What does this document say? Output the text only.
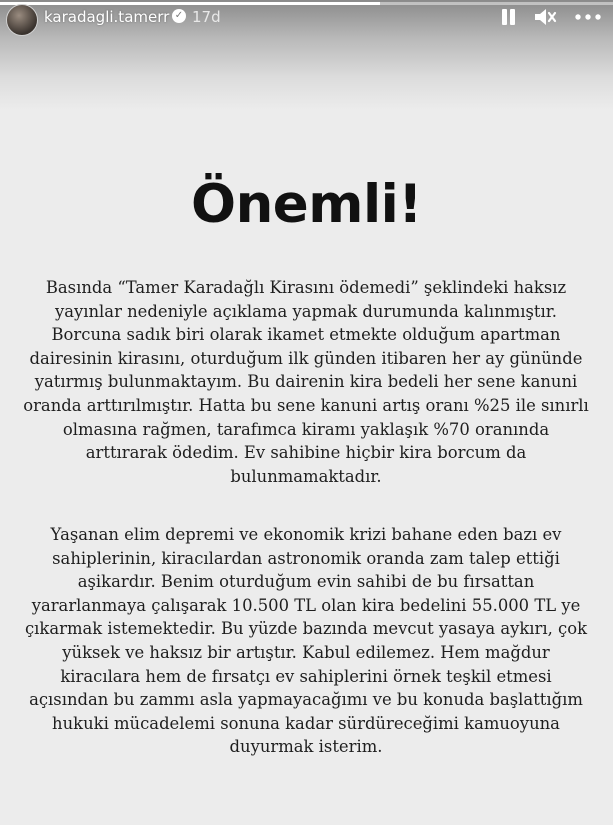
karadagli.tamerr ✓ 17d
Önemli!
Basında “Tamer Karadağlı Kirasını ödemedi” şeklindeki haksız
yayınlar nedeniyle açıklama yapmak durumunda kalınmıştır.
Borcuna sadık biri olarak ikamet etmekte olduğum apartman
dairesinin kirasını, oturduğum ilk günden itibaren her ay gününde
yatırmış bulunmaktayım. Bu dairenin kira bedeli her sene kanuni
oranda arttırılmıştır. Hatta bu sene kanuni artış oranı %25 ile sınırlı
olmasına rağmen, tarafımca kiramı yaklaşık %70 oranında
arttırarak ödedim. Ev sahibine hiçbir kira borcum da
bulunmamaktadır.
Yaşanan elim depremi ve ekonomik krizi bahane eden bazı ev
sahiplerinin, kiracılardan astronomik oranda zam talep ettiği
aşikardır. Benim oturduğum evin sahibi de bu fırsattan
yararlanmaya çalışarak 10.500 TL olan kira bedelini 55.000 TL ye
çıkarmak istemektedir. Bu yüzde bazında mevcut yasaya aykırı, çok
yüksek ve haksız bir artıştır. Kabul edilemez. Hem mağdur
kiracılara hem de fırsatçı ev sahiplerini örnek teşkil etmesi
açısından bu zammı asla yapmayacağımı ve bu konuda başlattığım
hukuki mücadelemi sonuna kadar sürdüreceğimi kamuoyuna
duyurmak isterim.
